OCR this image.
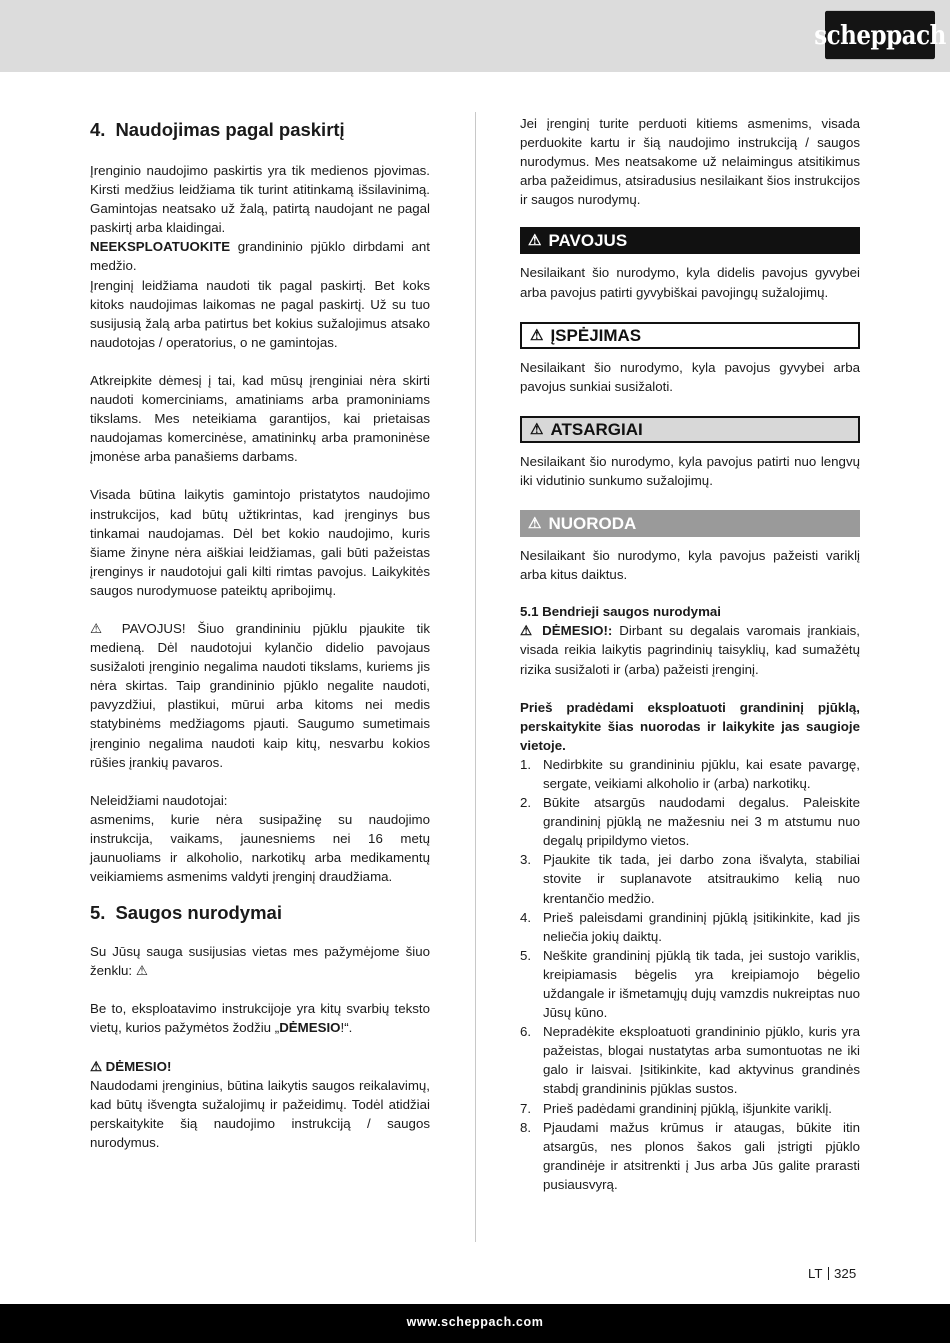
scheppach
4. Naudojimas pagal paskirtį

Įrenginio naudojimo paskirtis yra tik medienos pjovimas. Kirsti medžius leidžiama tik turint atitinkamą išsilavinimą. Gamintojas neatsako už žalą, patirtą naudojant ne pagal paskirtį arba klaidingai.

NEEKSPLOATUOKITE grandininio pjūklo dirbdami ant medžio.

Įrenginį leidžiama naudoti tik pagal paskirtį. Bet koks kitoks naudojimas laikomas ne pagal paskirtį. Už su tuo susijusią žalą arba patirtus bet kokius sužalojimus atsako naudotojas / operatorius, o ne gamintojas.

Atkreipkite dėmesį į tai, kad mūsų įrenginiai nėra skirti naudoti komerciniams, amatiniams arba pramoniniams tikslams. Mes neteikiama garantijos, kai prietaisas naudojamas komercinėse, amatininkų arba pramoninėse įmonėse arba panašiems darbams.

Visada būtina laikytis gamintojo pristatytos naudojimo instrukcijos, kad būtų užtikrintas, kad įrenginys bus tinkamai naudojamas. Dėl bet kokio naudojimo, kuris šiame žinyne nėra aiškiai leidžiamas, gali būti pažeistas įrenginys ir naudotojui gali kilti rimtas pavojus. Laikykitės saugos nurodymuose pateiktų apribojimų.

⚠ PAVOJUS! Šiuo grandininiu pjūklu pjaukite tik medieną. Dėl naudotojui kylančio didelio pavojaus susižaloti įrenginio negalima naudoti tikslams, kuriems jis nėra skirtas. Taip grandininio pjūklo negalite naudoti, pavyzdžiui, plastikui, mūrui arba kitoms nei medis statybinėms medžiagoms pjauti. Saugumo sumetimais įrenginio negalima naudoti kaip kitų, nesvarbu kokios rūšies įrankių pavaros.

Neleidžiami naudotojai:

asmenims, kurie nėra susipažinę su naudojimo instrukcija, vaikams, jaunesniems nei 16 metų jaunuoliams ir alkoholio, narkotikų arba medikamentų veikiamiems asmenims valdyti įrenginį draudžiama.

5. Saugos nurodymai

Su Jūsų sauga susijusias vietas mes pažymėjome šiuo ženklu: ⚠

Be to, eksploatavimo instrukcijoje yra kitų svarbių teksto vietų, kurios pažymėtos žodžiu „DĖMESIO!“.

⚠ DĖMESIO!

Naudodami įrenginius, būtina laikytis saugos reikalavimų, kad būtų išvengta sužalojimų ir pažeidimų. Todėl atidžiai perskaitykite šią naudojimo instrukciją / saugos nurodymus.

Jei įrenginį turite perduoti kitiems asmenims, visada perduokite kartu ir šią naudojimo instrukciją / saugos nurodymus. Mes neatsakome už nelaimingus atsitikimus arba pažeidimus, atsiradusius nesilaikant šios instrukcijos ir saugos nurodymų.

⚠ PAVOJUS

Nesilaikant šio nurodymo, kyla didelis pavojus gyvybei arba pavojus patirti gyvybiškai pavojingų sužalojimų.

⚠ ĮSPĖJIMAS

Nesilaikant šio nurodymo, kyla pavojus gyvybei arba pavojus sunkiai susižaloti.

⚠ ATSARGIAI

Nesilaikant šio nurodymo, kyla pavojus patirti nuo lengvų iki vidutinio sunkumo sužalojimų.

⚠ NUORODA

Nesilaikant šio nurodymo, kyla pavojus pažeisti variklį arba kitus daiktus.

5.1 Bendrieji saugos nurodymai

⚠ DĖMESIO!: Dirbant su degalais varomais įrankiais, visada reikia laikytis pagrindinių taisyklių, kad sumažėtų rizika susižaloti ir (arba) pažeisti įrenginį.

Prieš pradėdami eksploatuoti grandininį pjūklą, perskaitykite šias nuorodas ir laikykite jas saugioje vietoje.

1. Nedirbkite su grandininiu pjūklu, kai esate pavargę, sergate, veikiami alkoholio ir (arba) narkotikų.
2. Būkite atsargūs naudodami degalus. Paleiskite grandininį pjūklą ne mažesniu nei 3 m atstumu nuo degalų pripildymo vietos.
3. Pjaukite tik tada, jei darbo zona išvalyta, stabiliai stovite ir suplanavote atsitraukimo kelią nuo krentančio medžio.
4. Prieš paleisdami grandininį pjūklą įsitikinkite, kad jis neliečia jokių daiktų.
5. Neškite grandininį pjūklą tik tada, jei sustojo variklis, kreipiamasis bėgelis yra kreipiamojo bėgelio uždangale ir išmetamųjų dujų vamzdis nukreiptas nuo Jūsų kūno.
6. Nepradėkite eksploatuoti grandininio pjūklo, kuris yra pažeistas, blogai nustatytas arba sumontuotas ne iki galo ir laisvai. Įsitikinkite, kad aktyvinus grandinės stabdį grandininis pjūklas sustos.
7. Prieš padėdami grandininį pjūklą, išjunkite variklį.
8. Pjaudami mažus krūmus ir ataugas, būkite itin atsargūs, nes plonos šakos gali įstrigti pjūklo grandinėje ir atsitrenkti į Jus arba Jūs galite prarasti pusiausvyrą.
LT 325
www.scheppach.com
